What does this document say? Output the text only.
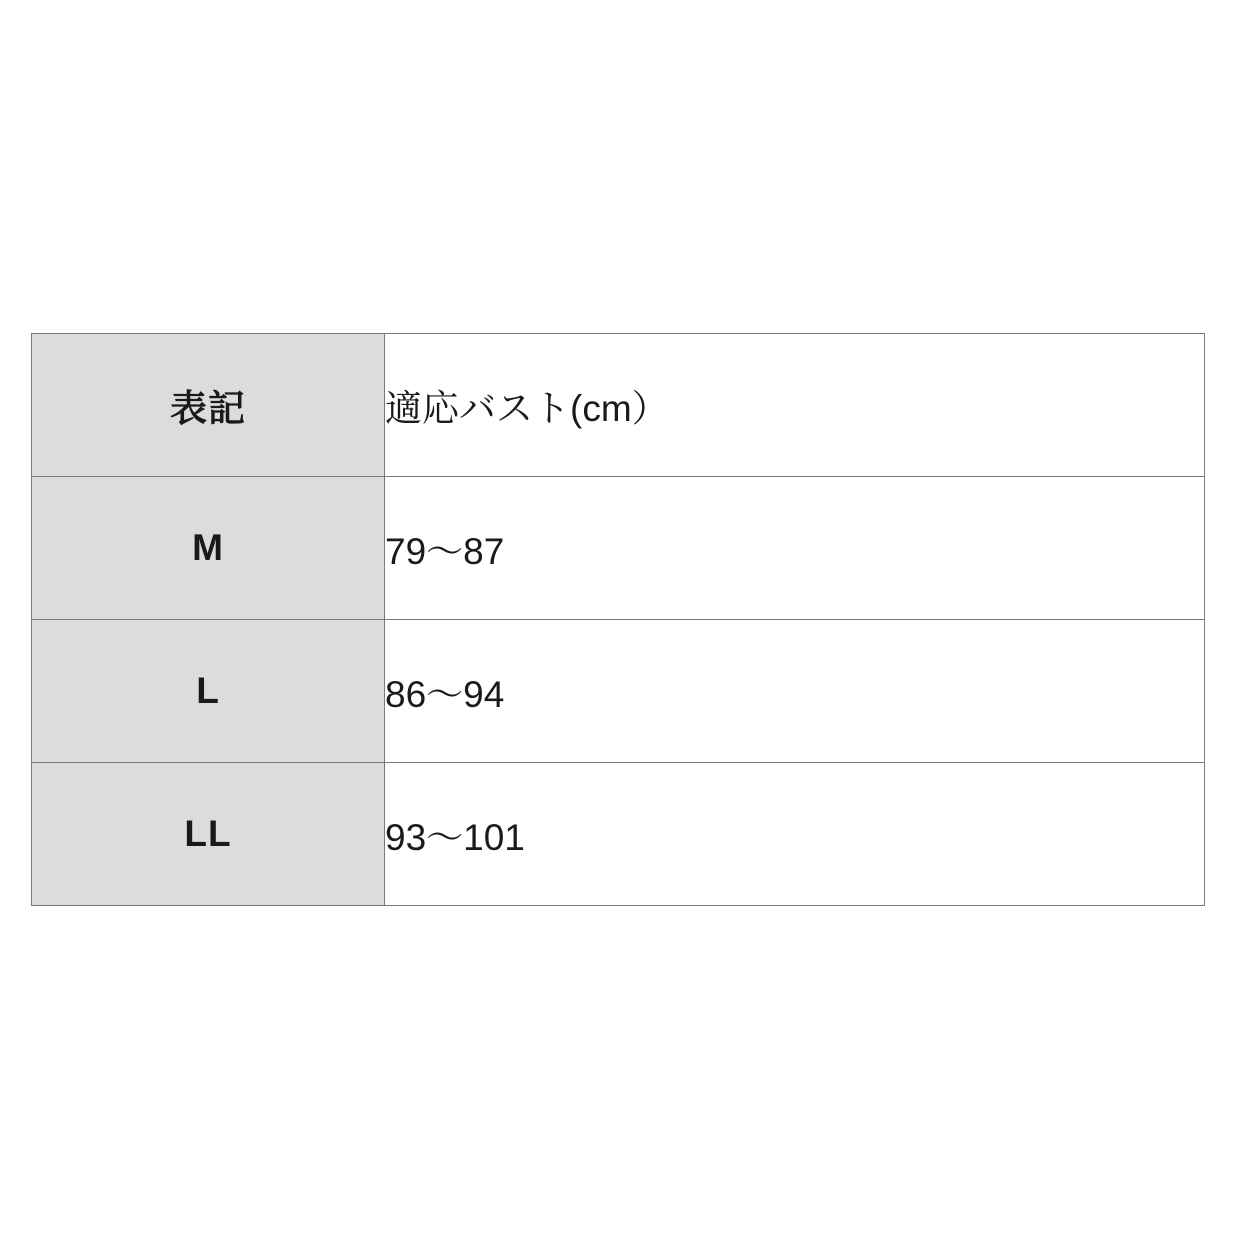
表記	適応バスト(cm）
M	79〜87
L	86〜94
LL	93〜101
